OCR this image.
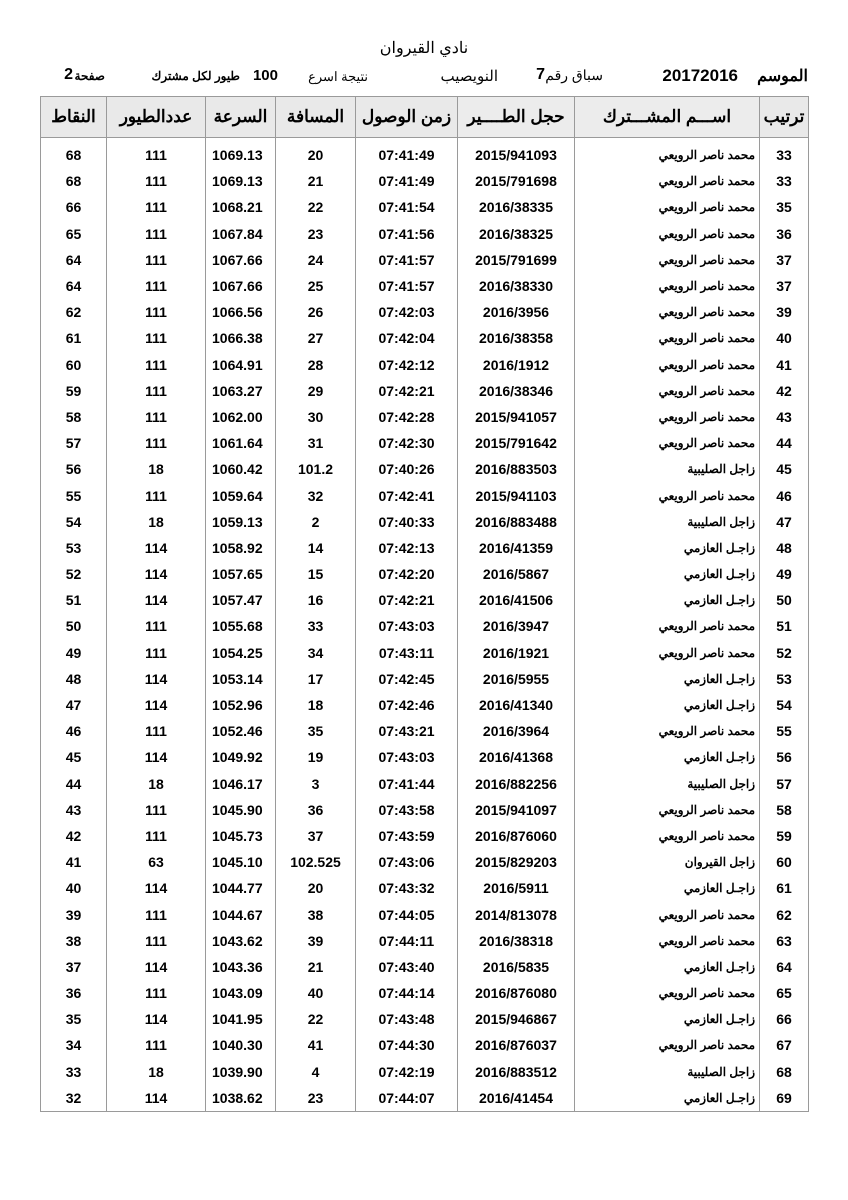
نادي القيروان
الموسم
20172016
سباق رقم
7
النويصيب
نتيجة اسرع
100
طيور لكل مشترك
صفحة
2
ترتيب	اســـم المشـــترك	حجل الطــــير	زمن الوصول	المسافة	السرعة	عددالطيور	النقاط

33	محمد ناصر الرويعي	2015/941093	07:41:49	20	1069.13	111	68
33	محمد ناصر الرويعي	2015/791698	07:41:49	21	1069.13	111	68
35	محمد ناصر الرويعي	2016/38335	07:41:54	22	1068.21	111	66
36	محمد ناصر الرويعي	2016/38325	07:41:56	23	1067.84	111	65
37	محمد ناصر الرويعي	2015/791699	07:41:57	24	1067.66	111	64
37	محمد ناصر الرويعي	2016/38330	07:41:57	25	1067.66	111	64
39	محمد ناصر الرويعي	2016/3956	07:42:03	26	1066.56	111	62
40	محمد ناصر الرويعي	2016/38358	07:42:04	27	1066.38	111	61
41	محمد ناصر الرويعي	2016/1912	07:42:12	28	1064.91	111	60
42	محمد ناصر الرويعي	2016/38346	07:42:21	29	1063.27	111	59
43	محمد ناصر الرويعي	2015/941057	07:42:28	30	1062.00	111	58
44	محمد ناصر الرويعي	2015/791642	07:42:30	31	1061.64	111	57
45	زاجل الصليبية	2016/883503	07:40:26	101.2	1060.42	18	56
46	محمد ناصر الرويعي	2015/941103	07:42:41	32	1059.64	111	55
47	زاجل الصليبية	2016/883488	07:40:33	2	1059.13	18	54
48	زاجـل العازمي	2016/41359	07:42:13	14	1058.92	114	53
49	زاجـل العازمي	2016/5867	07:42:20	15	1057.65	114	52
50	زاجـل العازمي	2016/41506	07:42:21	16	1057.47	114	51
51	محمد ناصر الرويعي	2016/3947	07:43:03	33	1055.68	111	50
52	محمد ناصر الرويعي	2016/1921	07:43:11	34	1054.25	111	49
53	زاجـل العازمي	2016/5955	07:42:45	17	1053.14	114	48
54	زاجـل العازمي	2016/41340	07:42:46	18	1052.96	114	47
55	محمد ناصر الرويعي	2016/3964	07:43:21	35	1052.46	111	46
56	زاجـل العازمي	2016/41368	07:43:03	19	1049.92	114	45
57	زاجل الصليبية	2016/882256	07:41:44	3	1046.17	18	44
58	محمد ناصر الرويعي	2015/941097	07:43:58	36	1045.90	111	43
59	محمد ناصر الرويعي	2016/876060	07:43:59	37	1045.73	111	42
60	زاجل القيروان	2015/829203	07:43:06	102.525	1045.10	63	41
61	زاجـل العازمي	2016/5911	07:43:32	20	1044.77	114	40
62	محمد ناصر الرويعي	2014/813078	07:44:05	38	1044.67	111	39
63	محمد ناصر الرويعي	2016/38318	07:44:11	39	1043.62	111	38
64	زاجـل العازمي	2016/5835	07:43:40	21	1043.36	114	37
65	محمد ناصر الرويعي	2016/876080	07:44:14	40	1043.09	111	36
66	زاجـل العازمي	2015/946867	07:43:48	22	1041.95	114	35
67	محمد ناصر الرويعي	2016/876037	07:44:30	41	1040.30	111	34
68	زاجل الصليبية	2016/883512	07:42:19	4	1039.90	18	33
69	زاجـل العازمي	2016/41454	07:44:07	23	1038.62	114	32
